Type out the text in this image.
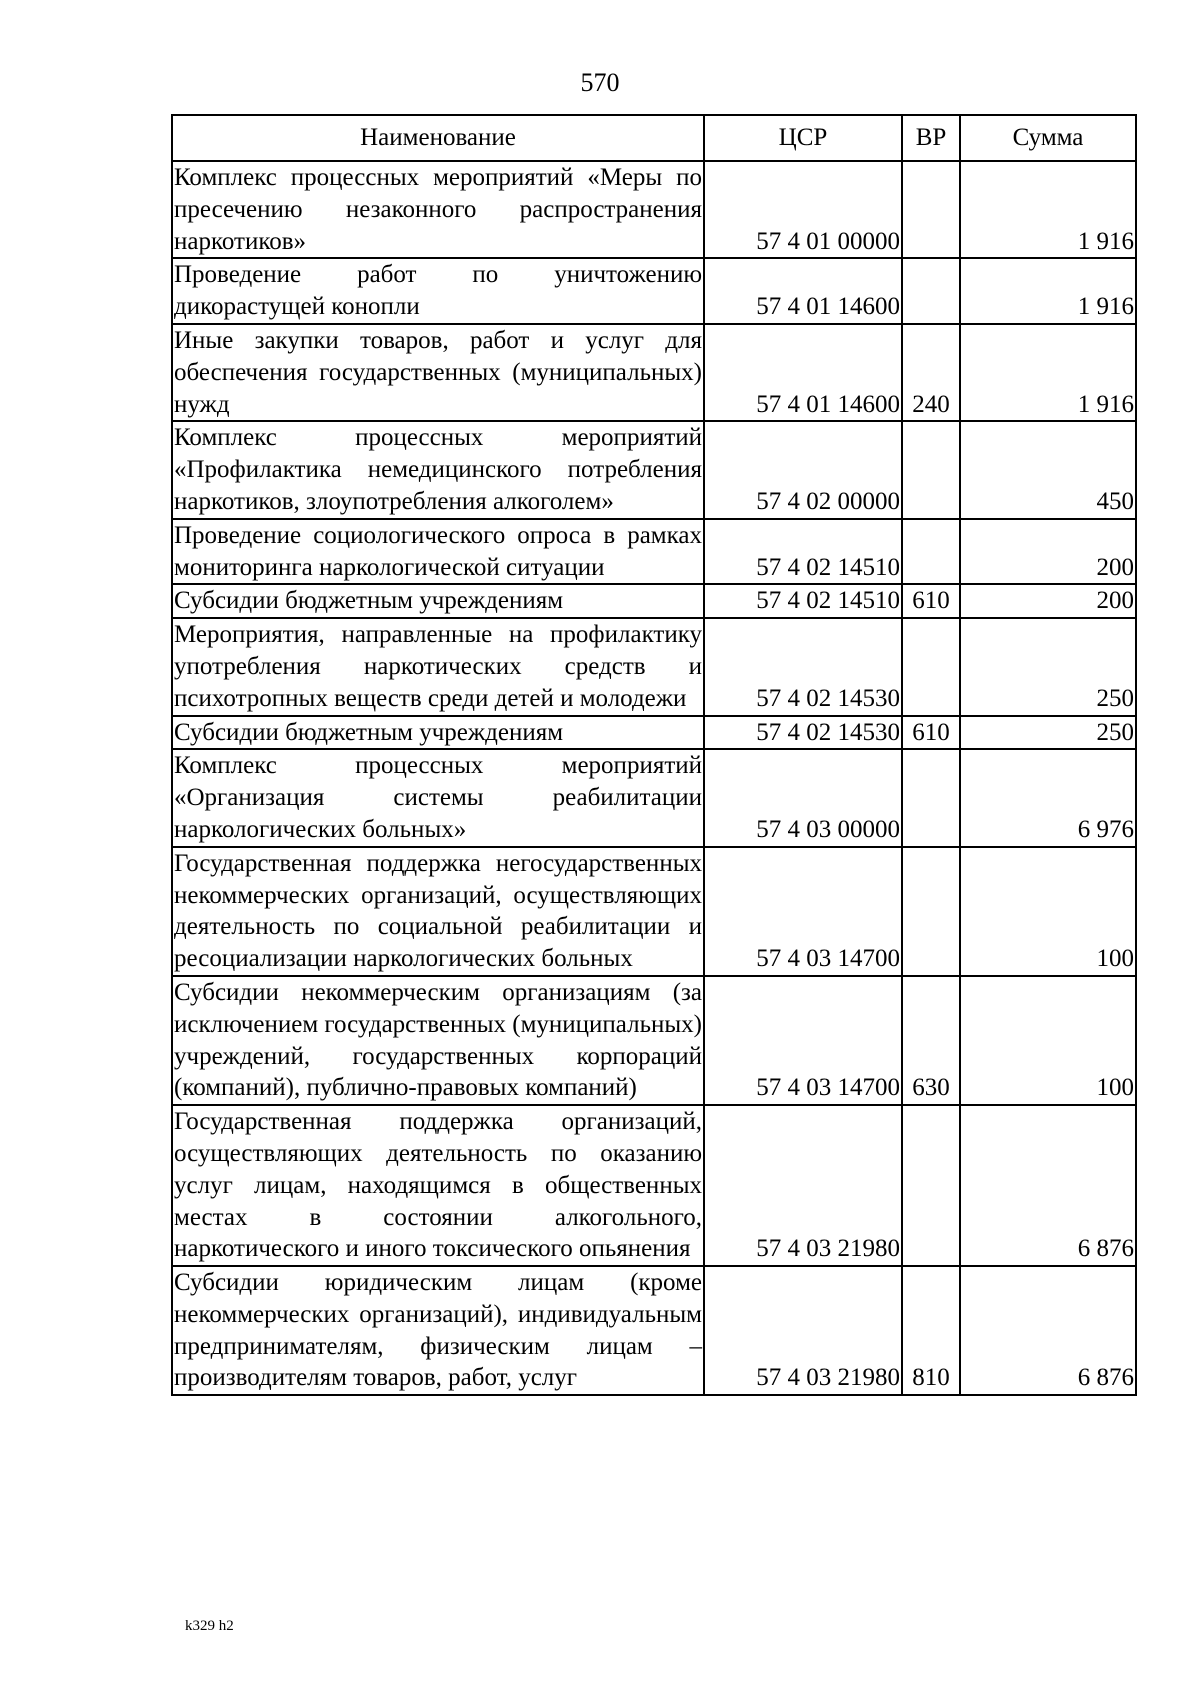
570
Наименование	ЦСР	ВР	Сумма
Комплекс процессных мероприятий «Меры по пресечению незаконного распространения наркотиков»	57 4 01 00000		1 916
Проведение работ по уничтожению дикорастущей конопли	57 4 01 14600		1 916
Иные закупки товаров, работ и услуг для обеспечения государственных (муниципальных) нужд	57 4 01 14600	240	1 916
Комплекс процессных мероприятий «Профилактика немедицинского потребления наркотиков, злоупотребления алкоголем»	57 4 02 00000		450
Проведение социологического опроса в рамках мониторинга наркологической ситуации	57 4 02 14510		200
Субсидии бюджетным учреждениям	57 4 02 14510	610	200
Мероприятия, направленные на профилактику употребления наркотических средств и психотропных веществ среди детей и молодежи	57 4 02 14530		250
Субсидии бюджетным учреждениям	57 4 02 14530	610	250
Комплекс процессных мероприятий «Организация системы реабилитации наркологических больных»	57 4 03 00000		6 976
Государственная поддержка негосударственных некоммерческих организаций, осуществляющих деятельность по социальной реабилитации и ресоциализации наркологических больных	57 4 03 14700		100
Субсидии некоммерческим организациям (за исключением государственных (муниципальных) учреждений, государственных корпораций (компаний), публично-правовых компаний)	57 4 03 14700	630	100
Государственная поддержка организаций, осуществляющих деятельность по оказанию услуг лицам, находящимся в общественных местах в состоянии алкогольного, наркотического и иного токсического опьянения	57 4 03 21980		6 876
Субсидии юридическим лицам (кроме некоммерческих организаций), индивидуальным предпринимателям, физическим лицам – производителям товаров, работ, услуг	57 4 03 21980	810	6 876
k329 h2
